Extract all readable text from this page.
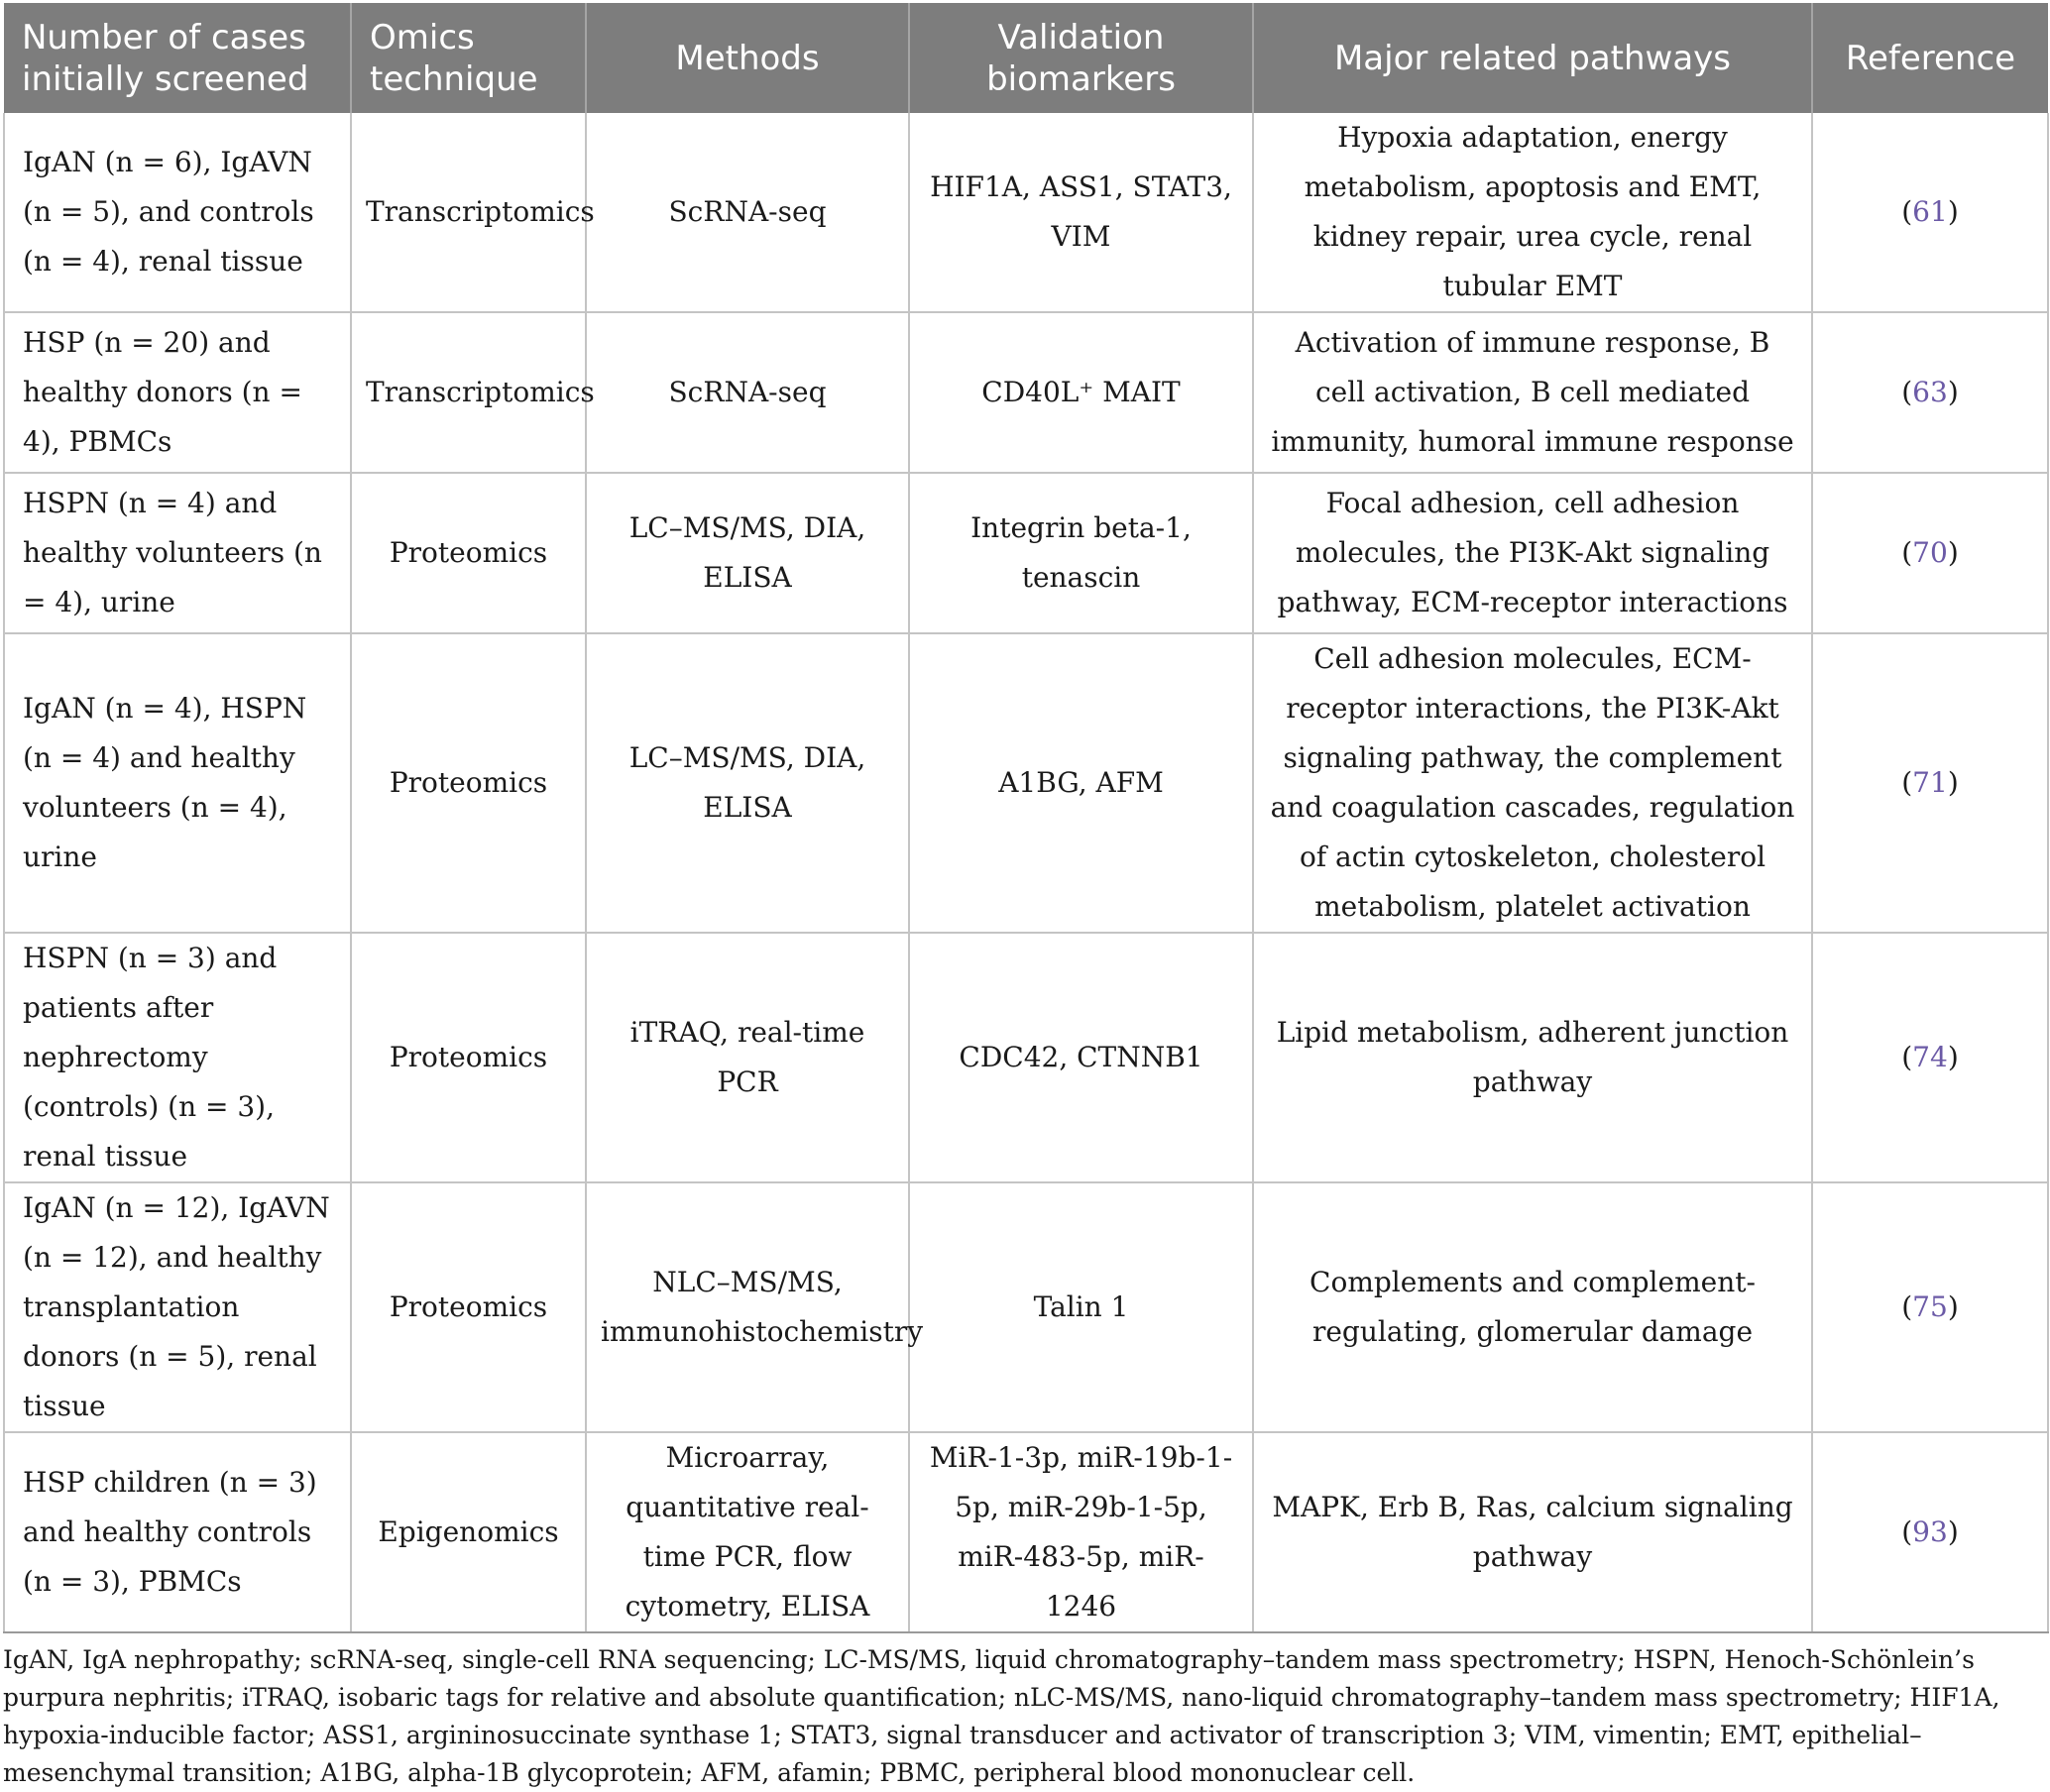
Number of cases initially screened	Omics technique	Methods	Validation biomarkers	Major related pathways	Reference
IgAN (n = 6), IgAVN (n = 5), and controls (n = 4), renal tissue	Transcriptomics	ScRNA-seq	HIF1A, ASS1, STAT3, VIM	Hypoxia adaptation, energy metabolism, apoptosis and EMT, kidney repair, urea cycle, renal tubular EMT	(61)
HSP (n = 20) and healthy donors (n = 4), PBMCs	Transcriptomics	ScRNA-seq	CD40L⁺ MAIT	Activation of immune response, B cell activation, B cell mediated immunity, humoral immune response	(63)
HSPN (n = 4) and healthy volunteers (n = 4), urine	Proteomics	LC–MS/MS, DIA, ELISA	Integrin beta-1, tenascin	Focal adhesion, cell adhesion molecules, the PI3K-Akt signaling pathway, ECM-receptor interactions	(70)
IgAN (n = 4), HSPN (n = 4) and healthy volunteers (n = 4), urine	Proteomics	LC–MS/MS, DIA, ELISA	A1BG, AFM	Cell adhesion molecules, ECM-receptor interactions, the PI3K-Akt signaling pathway, the complement and coagulation cascades, regulation of actin cytoskeleton, cholesterol metabolism, platelet activation	(71)
HSPN (n = 3) and patients after nephrectomy (controls) (n = 3), renal tissue	Proteomics	iTRAQ, real-time PCR	CDC42, CTNNB1	Lipid metabolism, adherent junction pathway	(74)
IgAN (n = 12), IgAVN (n = 12), and healthy transplantation donors (n = 5), renal tissue	Proteomics	NLC–MS/MS, immunohistochemistry	Talin 1	Complements and complement-regulating, glomerular damage	(75)
HSP children (n = 3) and healthy controls (n = 3), PBMCs	Epigenomics	Microarray, quantitative real-time PCR, flow cytometry, ELISA	MiR-1-3p, miR-19b-1-5p, miR-29b-1-5p, miR-483-5p, miR-1246	MAPK, Erb B, Ras, calcium signaling pathway	(93)
IgAN, IgA nephropathy; scRNA-seq, single-cell RNA sequencing; LC-MS/MS, liquid chromatography–tandem mass spectrometry; HSPN, Henoch-Schönlein’s purpura nephritis; iTRAQ, isobaric tags for relative and absolute quantification; nLC-MS/MS, nano-liquid chromatography–tandem mass spectrometry; HIF1A, hypoxia-inducible factor; ASS1, argininosuccinate synthase 1; STAT3, signal transducer and activator of transcription 3; VIM, vimentin; EMT, epithelial–mesenchymal transition; A1BG, alpha-1B glycoprotein; AFM, afamin; PBMC, peripheral blood mononuclear cell.
